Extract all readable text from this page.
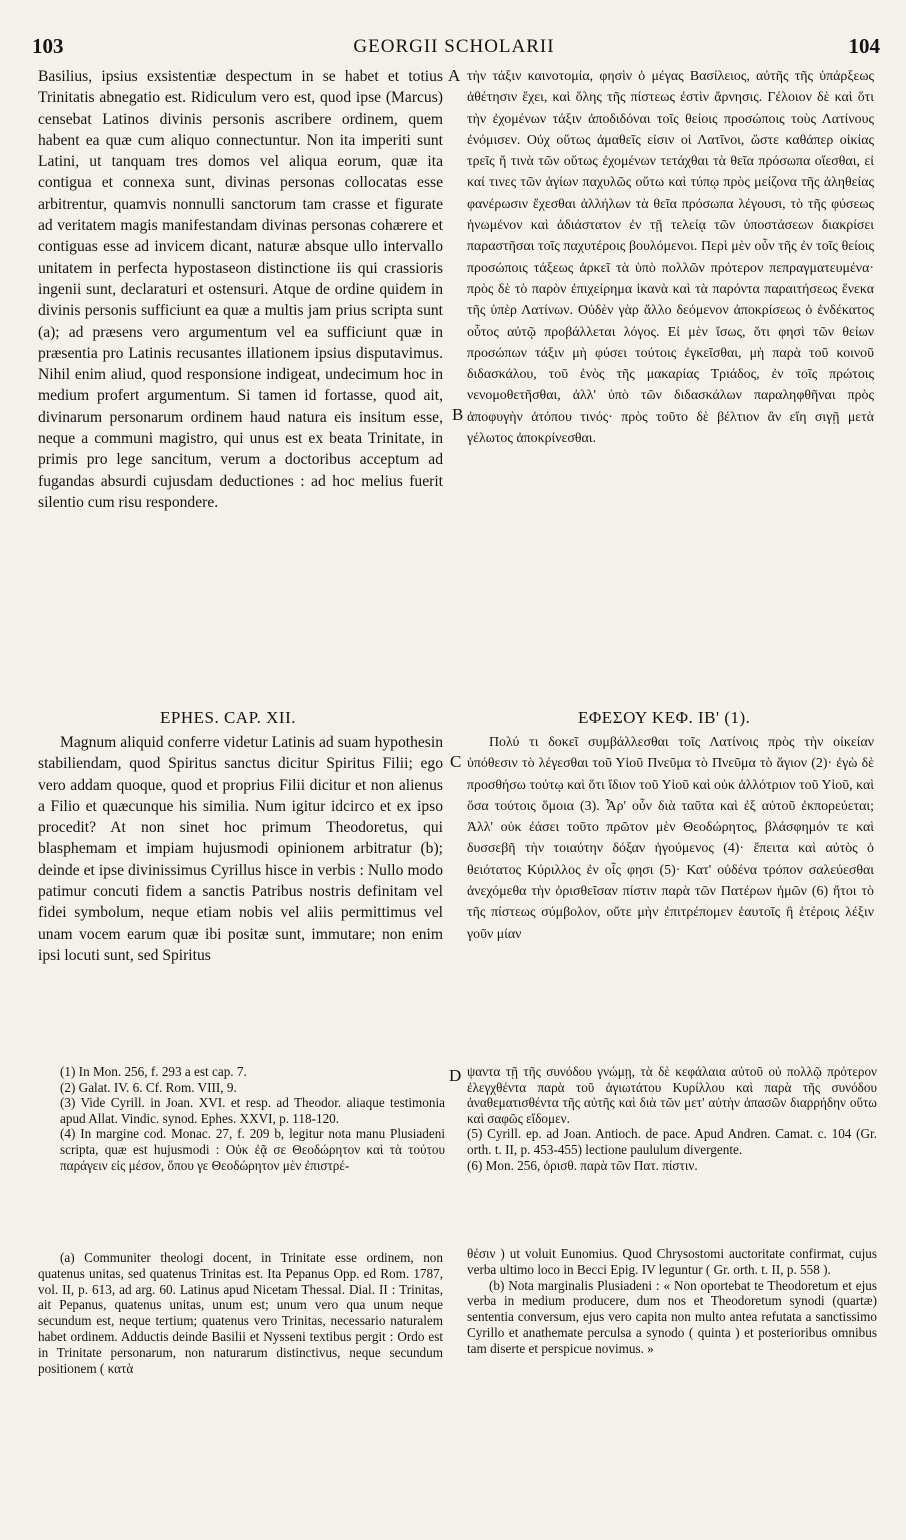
103	GEORGII SCHOLARII	104
A
B
C
D

Basilius, ipsius exsistentiæ despectum in se habet et totius Trinitatis abnegatio est. Ridiculum vero est, quod ipse (Marcus) censebat Latinos divinis personis ascribere ordinem, quem habent ea quæ cum aliquo connectuntur. Non ita imperiti sunt Latini, ut tanquam tres domos vel aliqua eorum, quæ ita contigua et connexa sunt, divinas personas collocatas esse arbitrentur, quamvis nonnulli sanctorum tam crasse et figurate ad veritatem magis manifestandam divinas personas cohærere et contiguas esse ad invicem dicant, naturæ absque ullo intervallo unitatem in perfecta hypostaseon distinctione iis qui crassioris ingenii sunt, declaraturi et ostensuri. Atque de ordine quidem in divinis personis sufficiunt ea quæ a multis jam prius scripta sunt (a); ad præsens vero argumentum vel ea sufficiunt quæ in præsentia pro Latinis recusantes illationem ipsius disputavimus. Nihil enim aliud, quod responsione indigeat, undecimum hoc in medium profert argumentum. Si tamen id fortasse, quod ait, divinarum personarum ordinem haud natura eis insitum esse, neque a communi magistro, qui unus est ex beata Trinitate, in primis pro lege sancitum, verum a doctoribus acceptum ad fugandas absurdi cujusdam deductiones : ad hoc melius fuerit silentio cum risu respondere.

τὴν τάξιν καινοτομία, φησὶν ὁ μέγας Βασίλειος, αὐτῆς τῆς ὑπάρξεως ἀθέτησιν ἔχει, καὶ ὅλης τῆς πίστεως ἐστὶν ἄρνησις. Γέλοιον δὲ καὶ ὅτι τὴν ἐχομένων τάξιν ἀποδιδόναι τοῖς θείοις προσώποις τοὺς Λατίνους ἐνόμισεν. Οὐχ οὕτως ἀμαθεῖς εἰσιν οἱ Λατῖνοι, ὥστε καθάπερ οἰκίας τρεῖς ἤ τινὰ τῶν οὕτως ἐχομένων τετάχθαι τὰ θεῖα πρόσωπα οἴεσθαι, εἰ καί τινες τῶν ἁγίων παχυλῶς οὕτω καὶ τύπῳ πρὸς μείζονα τῆς ἀληθείας φανέρωσιν ἔχεσθαι ἀλλήλων τὰ θεῖα πρόσωπα λέγουσι, τὸ τῆς φύσεως ἡνωμένον καὶ ἀδιάστατον ἐν τῇ τελείᾳ τῶν ὑποστάσεων διακρίσει παραστῆσαι τοῖς παχυτέροις βουλόμενοι. Περὶ μὲν οὖν τῆς ἐν τοῖς θείοις προσώποις τάξεως ἀρκεῖ τὰ ὑπὸ πολλῶν πρότερον πεπραγματευμένα· πρὸς δὲ τὸ παρὸν ἐπιχείρημα ἱκανὰ καὶ τὰ παρόντα παραιτήσεως ἕνεκα τῆς ὑπὲρ Λατίνων. Οὐδὲν γὰρ ἄλλο δεόμενον ἀποκρίσεως ὁ ἑνδέκατος οὗτος αὐτῷ προβάλλεται λόγος. Εἰ μὲν ἴσως, ὅτι φησὶ τῶν θείων προσώπων τάξιν μὴ φύσει τούτοις ἐγκεῖσθαι, μὴ παρὰ τοῦ κοινοῦ διδασκάλου, τοῦ ἑνὸς τῆς μακαρίας Τριάδος, ἐν τοῖς πρώτοις νενομοθετῆσθαι, ἀλλ' ὑπὸ τῶν διδασκάλων παραληφθῆναι πρὸς ἀποφυγὴν ἀτόπου τινός· πρὸς τοῦτο δὲ βέλτιον ἂν εἴη σιγῇ μετὰ γέλωτος ἀποκρίνεσθαι.

EPHES. CAP. XII.	ΕΦΕΣΟΥ ΚΕΦ. ΙΒ' (1).

Magnum aliquid conferre videtur Latinis ad suam hypothesin stabiliendam, quod Spiritus sanctus dicitur Spiritus Filii; ego vero addam quoque, quod et proprius Filii dicitur et non alienus a Filio et quæcunque his similia. Num igitur idcirco et ex ipso procedit? At non sinet hoc primum Theodoretus, qui blasphemam et impiam hujusmodi opinionem arbitratur (b); deinde et ipse divinissimus Cyrillus hisce in verbis : Nullo modo patimur concuti fidem a sanctis Patribus nostris definitam vel fidei symbolum, neque etiam nobis vel aliis permittimus vel unam vocem earum quæ ibi positæ sunt, immutare; non enim ipsi locuti sunt, sed Spiritus

Πολύ τι δοκεῖ συμβάλλεσθαι τοῖς Λατίνοις πρὸς τὴν οἰκείαν ὑπόθεσιν τὸ λέγεσθαι τοῦ Υἱοῦ Πνεῦμα τὸ Πνεῦμα τὸ ἅγιον (2)· ἐγὼ δὲ προσθήσω τούτῳ καὶ ὅτι ἴδιον τοῦ Υἱοῦ καὶ οὐκ ἀλλότριον τοῦ Υἱοῦ, καὶ ὅσα τούτοις ὅμοια (3). Ἆρ' οὖν διὰ ταῦτα καὶ ἐξ αὐτοῦ ἐκπορεύεται; Ἀλλ' οὐκ ἐάσει τοῦτο πρῶτον μὲν Θεοδώρητος, βλάσφημόν τε καὶ δυσσεβῆ τὴν τοιαύτην δόξαν ἡγούμενος (4)· ἔπειτα καὶ αὐτὸς ὁ θειότατος Κύριλλος ἐν οἷς φησι (5)· Κατ' οὐδένα τρόπον σαλεύεσθαι ἀνεχόμεθα τὴν ὁρισθεῖσαν πίστιν παρὰ τῶν Πατέρων ἡμῶν (6) ἤτοι τὸ τῆς πίστεως σύμβολον, οὔτε μὴν ἐπιτρέπομεν ἑαυτοῖς ἢ ἑτέροις λέξιν γοῦν μίαν

(1) In Mon. 256, f. 293 a est cap. 7.

(2) Galat. IV. 6. Cf. Rom. VIII, 9.

(3) Vide Cyrill. in Joan. XVI. et resp. ad Theodor. aliaque testimonia apud Allat. Vindic. synod. Ephes. XXVI, p. 118-120.

(4) In margine cod. Monac. 27, f. 209 b, legitur nota manu Plusiadeni scripta, quæ est hujusmodi : Οὐκ ἐᾷ σε Θεοδώρητον καὶ τὰ τούτου παράγειν εἰς μέσον, ὅπου γε Θεοδώρητον μὲν ἐπιστρέ-

ψαντα τῇ τῆς συνόδου γνώμῃ, τὰ δὲ κεφάλαια αὐτοῦ οὐ πολλῷ πρότερον ἐλεγχθέντα παρὰ τοῦ ἁγιωτάτου Κυρίλλου καὶ παρὰ τῆς συνόδου ἀναθεματισθέντα τῆς αὐτῆς καὶ διὰ τῶν μετ' αὐτὴν ἁπασῶν διαρρήδην οὕτω καὶ σαφῶς εἴδομεν.

(5) Cyrill. ep. ad Joan. Antioch. de pace. Apud Andren. Camat. c. 104 (Gr. orth. t. II, p. 453-455) lectione paululum divergente.

(6) Mon. 256, ὁρισθ. παρὰ τῶν Πατ. πίστιν.

(a) Communiter theologi docent, in Trinitate esse ordinem, non quatenus unitas, sed quatenus Trinitas est. Ita Pepanus Opp. ed Rom. 1787, vol. II, p. 613, ad arg. 60. Latinus apud Nicetam Thessal. Dial. II : Trinitas, ait Pepanus, quatenus unitas, unum est; unum vero qua unum neque secundum est, neque tertium; quatenus vero Trinitas, necessario naturalem habet ordinem. Adductis deinde Basilii et Nysseni textibus pergit : Ordo est in Trinitate personarum, non naturarum distinctivus, neque secundum positionem ( κατὰ

θέσιν ) ut voluit Eunomius. Quod Chrysostomi auctoritate confirmat, cujus verba ultimo loco in Becci Epig. IV leguntur ( Gr. orth. t. II, p. 558 ).

(b) Nota marginalis Plusiadeni : « Non oportebat te Theodoretum et ejus verba in medium producere, dum nos et Theodoretum synodi (quartæ) sententia conversum, ejus vero capita non multo antea refutata a sanctissimo Cyrillo et anathemate perculsa a synodo ( quinta ) et posterioribus omnibus tam diserte et perspicue novimus. »
